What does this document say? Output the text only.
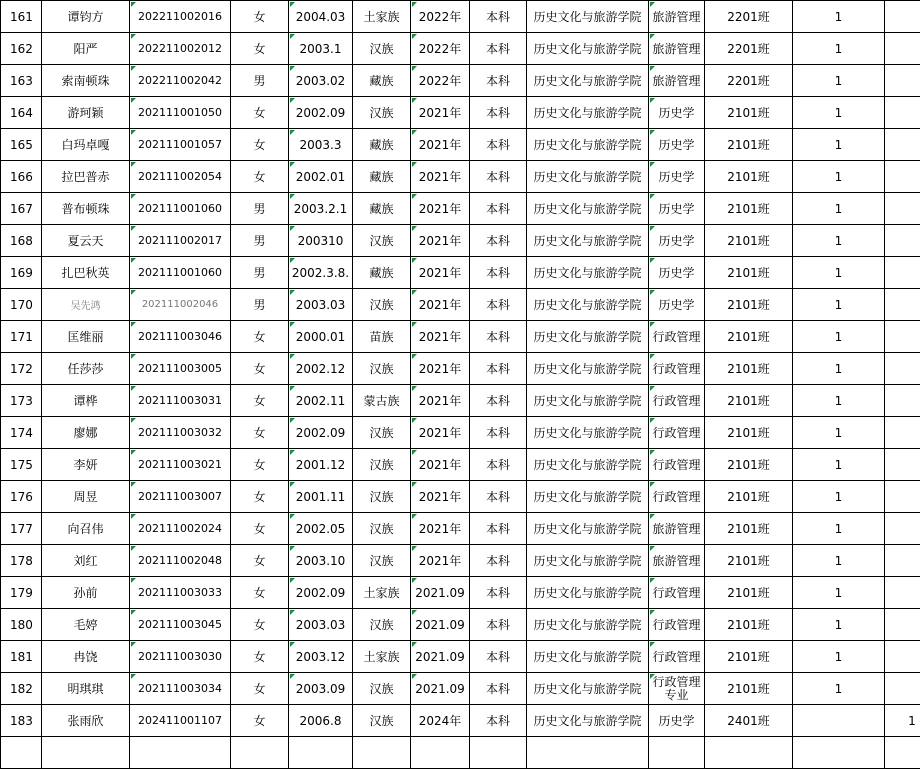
161	谭钧方	202211002016	女	2004.03	土家族	2022年	本科	历史文化与旅游学院	旅游管理	2201班	1	
162	阳严	202211002012	女	2003.1	汉族	2022年	本科	历史文化与旅游学院	旅游管理	2201班	1	
163	索南顿珠	202211002042	男	2003.02	藏族	2022年	本科	历史文化与旅游学院	旅游管理	2201班	1	
164	游珂颖	202111001050	女	2002.09	汉族	2021年	本科	历史文化与旅游学院	历史学	2101班	1	
165	白玛卓嘎	202111001057	女	2003.3	藏族	2021年	本科	历史文化与旅游学院	历史学	2101班	1	
166	拉巴普赤	202111002054	女	2002.01	藏族	2021年	本科	历史文化与旅游学院	历史学	2101班	1	
167	普布顿珠	202111001060	男	2003.2.1	藏族	2021年	本科	历史文化与旅游学院	历史学	2101班	1	
168	夏云天	202111002017	男	200310	汉族	2021年	本科	历史文化与旅游学院	历史学	2101班	1	
169	扎巴秋英	202111001060	男	2002.3.8.	藏族	2021年	本科	历史文化与旅游学院	历史学	2101班	1	
170	吴先鸿	202111002046	男	2003.03	汉族	2021年	本科	历史文化与旅游学院	历史学	2101班	1	
171	匡维丽	202111003046	女	2000.01	苗族	2021年	本科	历史文化与旅游学院	行政管理	2101班	1	
172	任莎莎	202111003005	女	2002.12	汉族	2021年	本科	历史文化与旅游学院	行政管理	2101班	1	
173	谭桦	202111003031	女	2002.11	蒙古族	2021年	本科	历史文化与旅游学院	行政管理	2101班	1	
174	廖娜	202111003032	女	2002.09	汉族	2021年	本科	历史文化与旅游学院	行政管理	2101班	1	
175	李妍	202111003021	女	2001.12	汉族	2021年	本科	历史文化与旅游学院	行政管理	2101班	1	
176	周昱	202111003007	女	2001.11	汉族	2021年	本科	历史文化与旅游学院	行政管理	2101班	1	
177	向召伟	202111002024	女	2002.05	汉族	2021年	本科	历史文化与旅游学院	旅游管理	2101班	1	
178	刘红	202111002048	女	2003.10	汉族	2021年	本科	历史文化与旅游学院	旅游管理	2101班	1	
179	孙前	202111003033	女	2002.09	土家族	2021.09	本科	历史文化与旅游学院	行政管理	2101班	1	
180	毛婷	202111003045	女	2003.03	汉族	2021.09	本科	历史文化与旅游学院	行政管理	2101班	1	
181	冉饶	202111003030	女	2003.12	土家族	2021.09	本科	历史文化与旅游学院	行政管理	2101班	1	
182	明琪琪	202111003034	女	2003.09	汉族	2021.09	本科	历史文化与旅游学院	行政管理专业	2101班	1	
183	张雨欣	202411001107	女	2006.8	汉族	2024年	本科	历史文化与旅游学院	历史学	2401班		1
